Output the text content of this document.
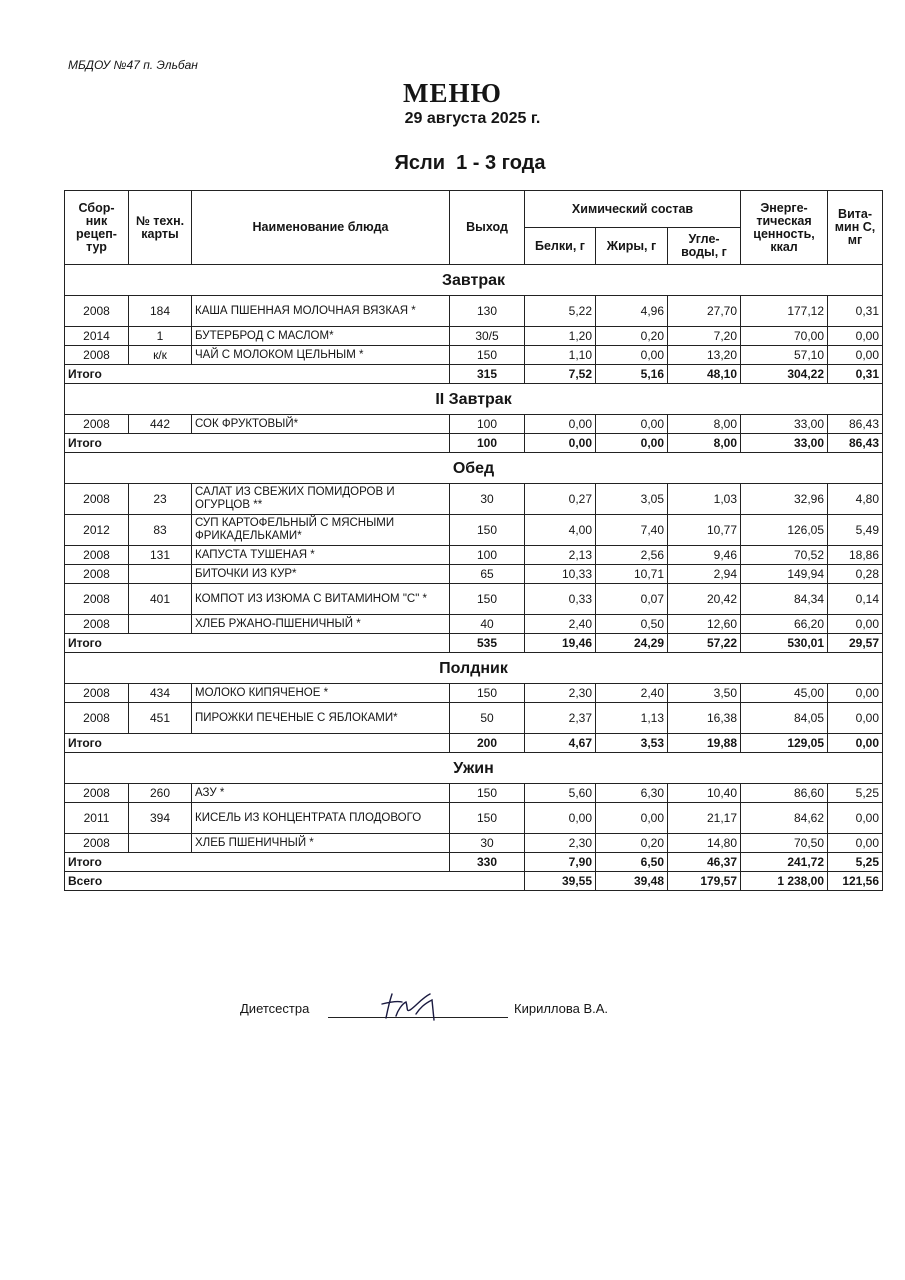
МБДОУ №47 п. Эльбан
МЕНЮ
29 августа 2025 г.
Ясли  1 - 3 года
Сбор-ник рецеп-тур	№ техн. карты	Наименование блюда	Выход	Химический состав			Энерге-тическая ценность, ккал	Вита-мин С, мг
				Белки, г	Жиры, г	Угле-воды, г		
Завтрак								
2008	184	КАША ПШЕННАЯ МОЛОЧНАЯ ВЯЗКАЯ *	130	5,22	4,96	27,70	177,12	0,31
2014	1	БУТЕРБРОД С МАСЛОМ*	30/5	1,20	0,20	7,20	70,00	0,00
2008	к/к	ЧАЙ С МОЛОКОМ ЦЕЛЬНЫМ *	150	1,10	0,00	13,20	57,10	0,00
Итого			315	7,52	5,16	48,10	304,22	0,31
II Завтрак								
2008	442	СОК ФРУКТОВЫЙ*	100	0,00	0,00	8,00	33,00	86,43
Итого			100	0,00	0,00	8,00	33,00	86,43
Обед								
2008	23	САЛАТ ИЗ СВЕЖИХ ПОМИДОРОВ И ОГУРЦОВ **	30	0,27	3,05	1,03	32,96	4,80
2012	83	СУП КАРТОФЕЛЬНЫЙ С МЯСНЫМИ ФРИКАДЕЛЬКАМИ*	150	4,00	7,40	10,77	126,05	5,49
2008	131	КАПУСТА ТУШЕНАЯ *	100	2,13	2,56	9,46	70,52	18,86
2008		БИТОЧКИ ИЗ КУР*	65	10,33	10,71	2,94	149,94	0,28
2008	401	КОМПОТ ИЗ ИЗЮМА С ВИТАМИНОМ "С" *	150	0,33	0,07	20,42	84,34	0,14
2008		ХЛЕБ РЖАНО-ПШЕНИЧНЫЙ *	40	2,40	0,50	12,60	66,20	0,00
Итого			535	19,46	24,29	57,22	530,01	29,57
Полдник								
2008	434	МОЛОКО КИПЯЧЕНОЕ *	150	2,30	2,40	3,50	45,00	0,00
2008	451	ПИРОЖКИ ПЕЧЕНЫЕ С ЯБЛОКАМИ*	50	2,37	1,13	16,38	84,05	0,00
Итого			200	4,67	3,53	19,88	129,05	0,00
Ужин								
2008	260	АЗУ *	150	5,60	6,30	10,40	86,60	5,25
2011	394	КИСЕЛЬ ИЗ КОНЦЕНТРАТА ПЛОДОВОГО	150	0,00	0,00	21,17	84,62	0,00
2008		ХЛЕБ ПШЕНИЧНЫЙ *	30	2,30	0,20	14,80	70,50	0,00
Итого			330	7,90	6,50	46,37	241,72	5,25
Всего				39,55	39,48	179,57	1 238,00	121,56
Диетсестра	Кириллова В.А.
